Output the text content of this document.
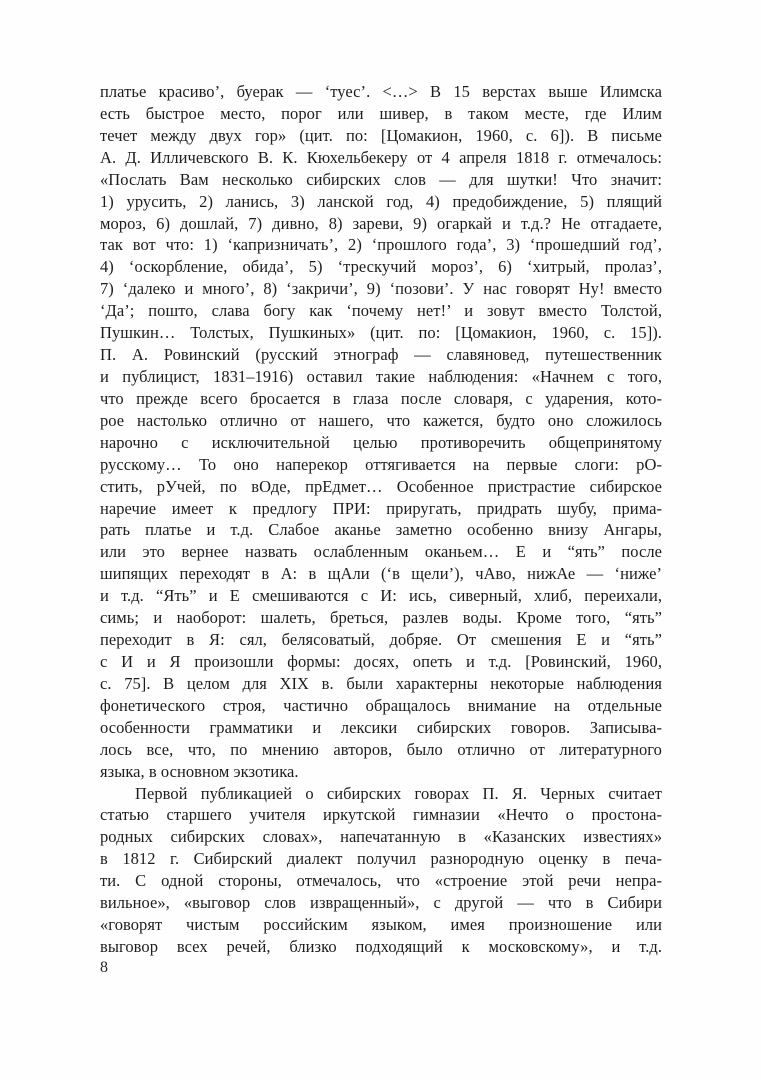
платье красиво’, буерак — ‘туес’. <…> В 15 верстах выше Илимска
есть быстрое место, порог или шивер, в таком месте, где Илим
течет между двух гор» (цит. по: [Цомакион, 1960, с. 6]). В письме
А. Д. Илличевского В. К. Кюхельбекеру от 4 апреля 1818 г. отмечалось:
«Послать Вам несколько сибирских слов — для шутки! Что значит:
1) урусить, 2) ланись, 3) ланской год, 4) предобиждение, 5) плящий
мороз, 6) дошлай, 7) дивно, 8) зареви, 9) огаркай и т.д.? Не отгадаете,
так вот что: 1) ‘капризничать’, 2) ‘прошлого года’, 3) ‘прошедший год’,
4) ‘оскорбление, обида’, 5) ‘трескучий мороз’, 6) ‘хитрый, пролаз’,
7) ‘далеко и много’, 8) ‘закричи’, 9) ‘позови’. У нас говорят Ну! вместо
‘Да’; пошто, слава богу как ‘почему нет!’ и зовут вместо Толстой,
Пушкин… Толстых, Пушкиных» (цит. по: [Цомакион, 1960, с. 15]).
П. А. Ровинский (русский этнограф — славяновед, путешественник
и публицист, 1831–1916) оставил такие наблюдения: «Начнем с того,
что прежде всего бросается в глаза после словаря, с ударения, кото-
рое настолько отлично от нашего, что кажется, будто оно сложилось
нарочно с исключительной целью противоречить общепринятому
русскому… То оно наперекор оттягивается на первые слоги: рО-
стить, рУчей, по вОде, прЕдмет… Особенное пристрастие сибирское
наречие имеет к предлогу ПРИ: приругать, придрать шубу, прима-
рать платье и т.д. Слабое аканье заметно особенно внизу Ангары,
или это вернее назвать ослабленным оканьем… Е и “ять” после
шипящих переходят в А: в щАли (‘в щели’), чАво, нижАе — ‘ниже’
и т.д. “Ять” и Е смешиваются с И: ись, сиверный, хлиб, переихали,
симь; и наоборот: шалеть, бреться, разлев воды. Кроме того, “ять”
переходит в Я: сял, белясоватый, добряе. От смешения Е и “ять”
с И и Я произошли формы: досях, опеть и т.д. [Ровинский, 1960,
с. 75]. В целом для XIX в. были характерны некоторые наблюдения
фонетического строя, частично обращалось внимание на отдельные
особенности грамматики и лексики сибирских говоров. Записыва-
лось все, что, по мнению авторов, было отлично от литературного
языка, в основном экзотика.
Первой публикацией о сибирских говорах П. Я. Черных считает
статью старшего учителя иркутской гимназии «Нечто о простона-
родных сибирских словах», напечатанную в «Казанских известиях»
в 1812 г. Сибирский диалект получил разнородную оценку в печа-
ти. С одной стороны, отмечалось, что «строение этой речи непра-
вильное», «выговор слов извращенный», с другой — что в Сибири
«говорят чистым российским языком, имея произношение или
выговор всех речей, близко подходящий к московскому», и т.д.
8
